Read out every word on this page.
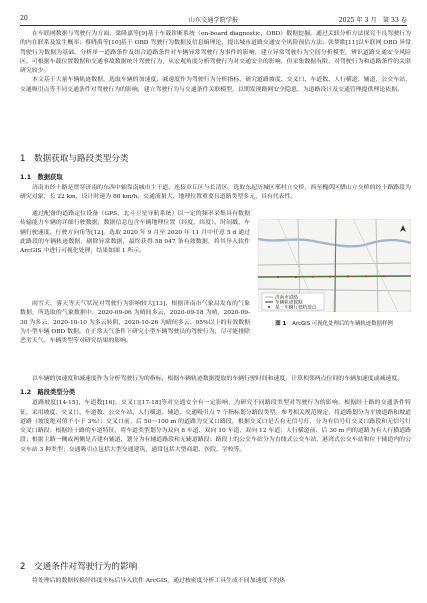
20	山东交通学院学报	2025 年 3 月　第 33 卷

在车联网数据与驾驶行为方面，梁隆嘉等[9]基于车载诊断系统（on-board diagnostic，OBD）数据挖掘，通过关联分析方法探究不良驾驶行为的内在联系及发生概率；蔡晓禹等[10]基于 OBD 驾驶行为数据及信息熵理论，提出城市道路交通安全风险预估方法；张梦歌[11]以车联网 OBD 异常驾驶行为数据为基础，分析单一道路条件及组合道路条件对车辆异常驾驶行为事件的影响，建立异常驾驶行为空间分析模型，辨识道路交通安全风险区。可根据车载位置数据和交通事故数据统计驾驶行为，从宏观角度分析驾驶行为对交通安全的影响，但采集数据有限，对驾驶行为和道路条件的关联研究较少。

本文基于大量车辆轨迹数据，选取车辆的加速度、减速度作为驾驶行为分析指标，研究道路坡度、交叉口、车道数、人行横道、辅道、公交车站、交通吸引点等不同交通条件对驾驶行为的影响，建立驾驶行为与交通条件关联模型，以期发现路网安全隐患，为道路设计及交通管理提供理论依据。

1　数据获取与路段类型分类
1.1　数据获取

济南市经十路是贯穿济南的东西中轴靠南城市主干道，连接章丘区与长清区。选取东起历城区邢村立交桥，西至槐荫区腊山立交桥的经十路路段为研究对象，长 22 km，设计时速为 80 km/h，交通流量大、地理位置重要且道路类型多元，具有代表性。

通过配备的道路定位设备（GPS，北斗卫星导航系统）以一定的频率采集具有数据传输能力车辆的详细行驶数据，数据信息包含车辆地理位置（经度、纬度）、时间戳、车辆行驶速度、行驶方向角等[12]。选取 2020 年 9 月至 2020 年 11 月中任意 5 d 通过此路段的车辆轨迹数据，剔除异常数据，最终获得 58 047 条有效数据，将其导入软件 ArcGIS 中进行可视化处理，结果如图 1 所示。

济南市道路
车辆轨迹数据
某一车辆行驶轨迹点
图 1 ArcGIS 可视化处理后的车辆轨迹数据样例

雨雪天、雾天等天气状况对驾驶行为影响较大[13]，根据济南市气象局发布的气象数据，所选取的气象数据中，2020-09-06 为晴间多云，2020-09-18 为晴，2020-09-30 为多云，2020-10-10 为多云转阴，2020-10-26 为晴间多云。95%以上的有效数据为小型车辆 OBD 数据。在正常天气条件下研究小型车辆驾驶员的驾驶行为，尽可能排除恶劣天气、车辆类型等对研究结果的影响。

以车辆的加速度和减速度作为分析驾驶行为的指标，根据车辆轨迹数据提取的车辆行驶时间和速度，计算相邻两点位间的车辆加速度或减速度。

1.2　路段类型分类

道路坡度[14-15]、车道数[16]、交叉口[17-18]等对交通安全有一定影响，为研究不同路段类型对驾驶行为的影响，根据经十路的交通条件特征，采用坡度、交叉口、车道数、公交车站、人行横道、辅道、交通吸引点 7 个指标划分路段类型。参考相关规范规定，将道路划分为平坡道路和坡道道路（坡度绝对值不小于 3%）；交叉口前、后 50～100 m 的道路为交叉口路段，根据交叉口是否有无信号灯，分为有信号灯交叉口路段和无信号灯交叉口路段；根据经十路的车道特征，将车道类型划分为双向 8 车道、双向 10 车道、双向 12 车道；人行横道前、后 30 m 内的道路为有人行横道路段；根据主路一侧或两侧是否建有辅道，划分为有辅道路段和无辅道路段；路段上的公交车站分为直线式公交车站、港湾式公交车站和位于辅道内的公交车站 3 种类型；交通吸引点包括大型交通建筑、通常包括大型商超、医院、学校等。

2　交通条件对驾驶行为的影响

将处理后的数据转换经纬度坐标后导入软件 ArcGIS，通过核密度分析工具生成不同加速度下的热
